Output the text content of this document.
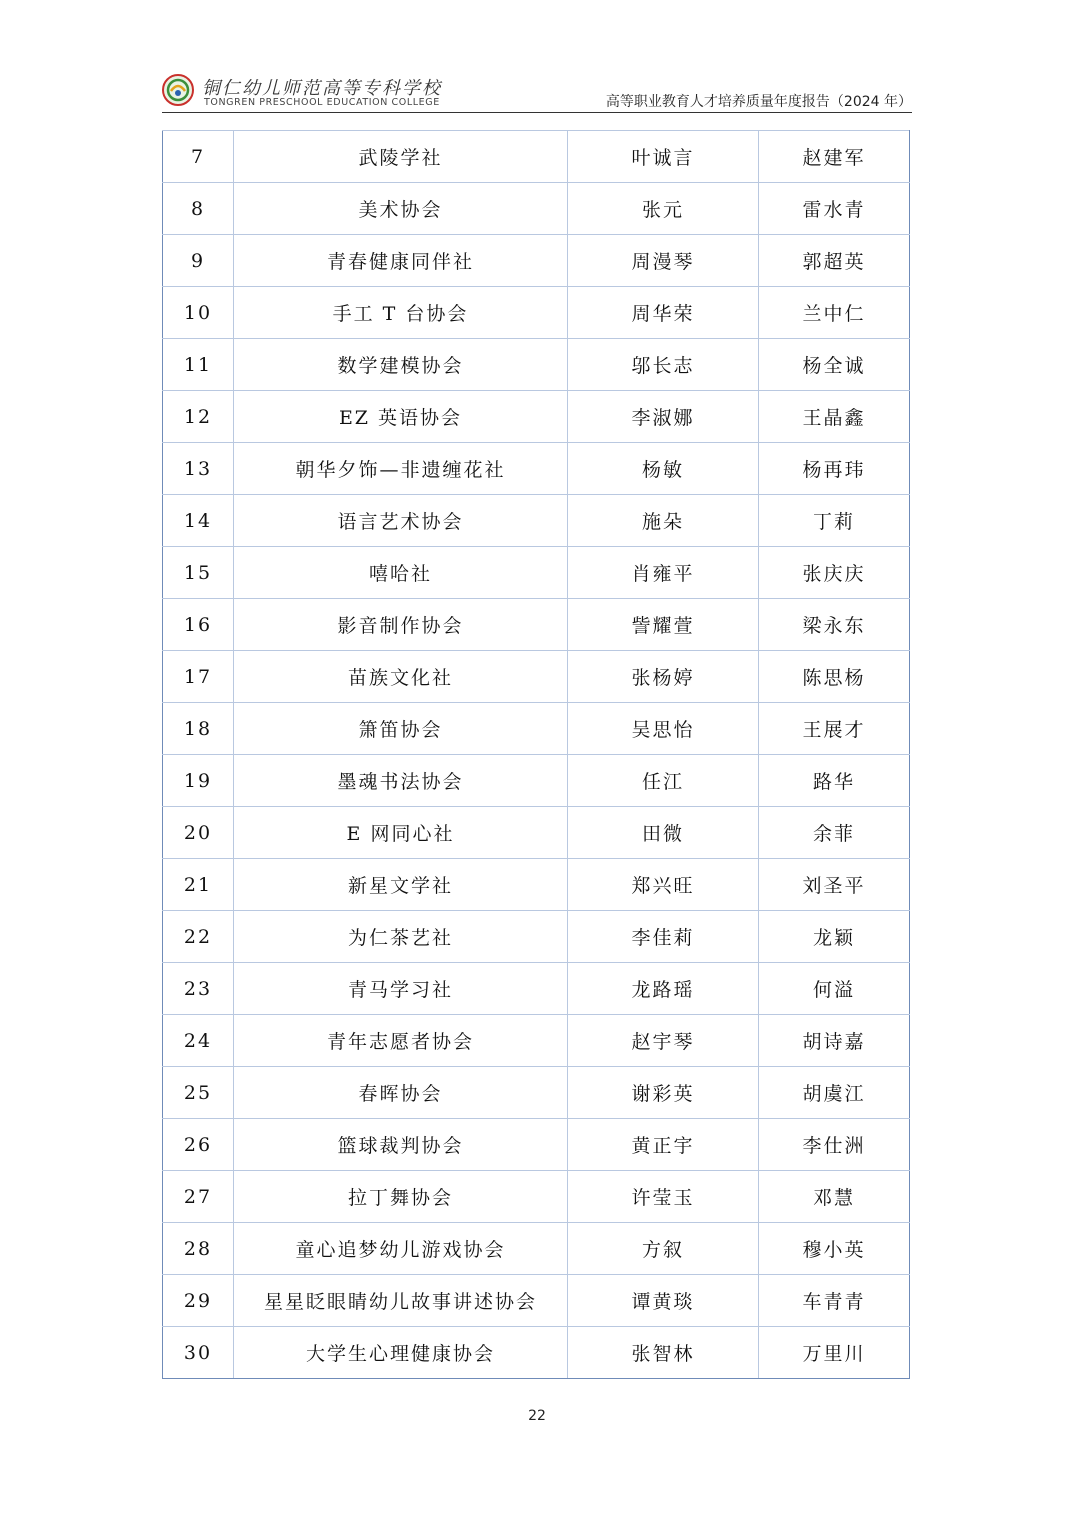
铜仁幼儿师范高等专科学校
TONGREN PRESCHOOL EDUCATION COLLEGE	高等职业教育人才培养质量年度报告（2024 年）
7	武陵学社	叶诚言	赵建军
8	美术协会	张元	雷水青
9	青春健康同伴社	周漫琴	郭超英
10	手工 T 台协会	周华荣	兰中仁
11	数学建模协会	邬长志	杨全诚
12	EZ 英语协会	李淑娜	王晶鑫
13	朝华夕饰—非遗缠花社	杨敏	杨再玮
14	语言艺术协会	施朵	丁莉
15	嘻哈社	肖雍平	张庆庆
16	影音制作协会	訾耀萱	梁永东
17	苗族文化社	张杨婷	陈思杨
18	箫笛协会	吴思怡	王展才
19	墨魂书法协会	任江	路华
20	E 网同心社	田微	余菲
21	新星文学社	郑兴旺	刘圣平
22	为仁茶艺社	李佳莉	龙颖
23	青马学习社	龙路瑶	何溢
24	青年志愿者协会	赵宇琴	胡诗嘉
25	春晖协会	谢彩英	胡虞江
26	篮球裁判协会	黄正宇	李仕洲
27	拉丁舞协会	许莹玉	邓慧
28	童心追梦幼儿游戏协会	方叙	穆小英
29	星星眨眼睛幼儿故事讲述协会	谭黄琰	车青青
30	大学生心理健康协会	张智林	万里川
22
